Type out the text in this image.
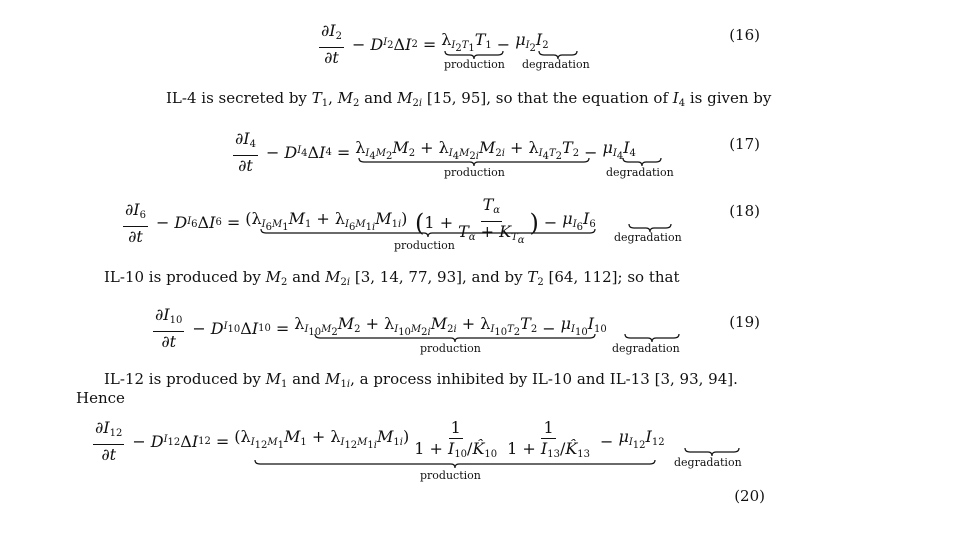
$\frac{\partial I_2}{\partial t} - D$ $I_2$ Δ I $2 = \lambda_{I_2T_1}T_1 - \mu_{I_2}I_2$
production degradation
(16)
IL-4 is secreted by $T_1$, $M_2$ and $M_{2i}$ [15, 95], so that the equation of $I_4$ is given by
$\frac{\partial I_4}{\partial t} - D$ $I_4$ Δ I $4 = \lambda_{I_4M_2}M_2 + \lambda_{I_4M_{2i}}M_{2i} + \lambda_{I_4T_2}T_2 - \mu_{I_4}I_4$
production	degradation
(17)
$\frac{\partial I_6}{\partial t} - D$ $I_6$ Δ I $6 = (\lambda_{I_6M_1}M_1 + \lambda_{I_6M_{1i}}M_{1i})$ ( $1 + \frac{T_\alpha}{T_\alpha + K_{T_\alpha}}$ ) − $\mu_{I_6}I_6$
production
degradation
(18)
IL-10 is produced by $M_2$ and $M_{2i}$ [3, 14, 77, 93], and by $T_2$ [64, 112]; so that
$\frac{\partial I_{10}}{\partial t} - D$ $I_{10}$ Δ I $10 = \lambda_{I_{10}M_2}M_2 + \lambda_{I_{10}M_{2i}}M_{2i} + \lambda_{I_{10}T_2}T_2 - \mu_{I_{10}}I_{10}$
production	degradation
(19)
IL-12 is produced by $M_1$ and $M_{1i}$, a process inhibited by IL-10 and IL-13 [3, 93, 94].
Hence
$\frac{\partial I_{12}}{\partial t} - D$ $I_{12}$ Δ I $12 = (\lambda_{I_{12}M_1}M_1 + \lambda_{I_{12}M_{1i}}M_{1i}) \frac{1}{1 + I_{10}/K̂_{10}} \frac{1}{1 + I_{13}/K̂_{13}} - \mu_{I_{12}}I_{12}$
production
degradation
(20)
